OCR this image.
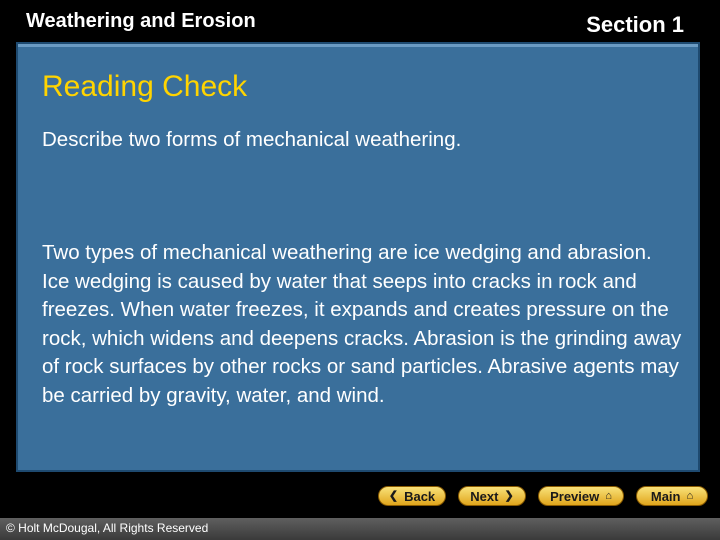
Weathering and Erosion	Section 1
Reading Check
Describe two forms of mechanical weathering.
Two types of mechanical weathering are ice wedging and abrasion. Ice wedging is caused by water that seeps into cracks in rock and freezes. When water freezes, it expands and creates pressure on the rock, which widens and deepens cracks. Abrasion is the grinding away of rock surfaces by other rocks or sand particles. Abrasive agents may be carried by gravity, water, and wind.
❮ Back	Next ❯	Preview ⌂	Main ⌂
© Holt McDougal, All Rights Reserved
